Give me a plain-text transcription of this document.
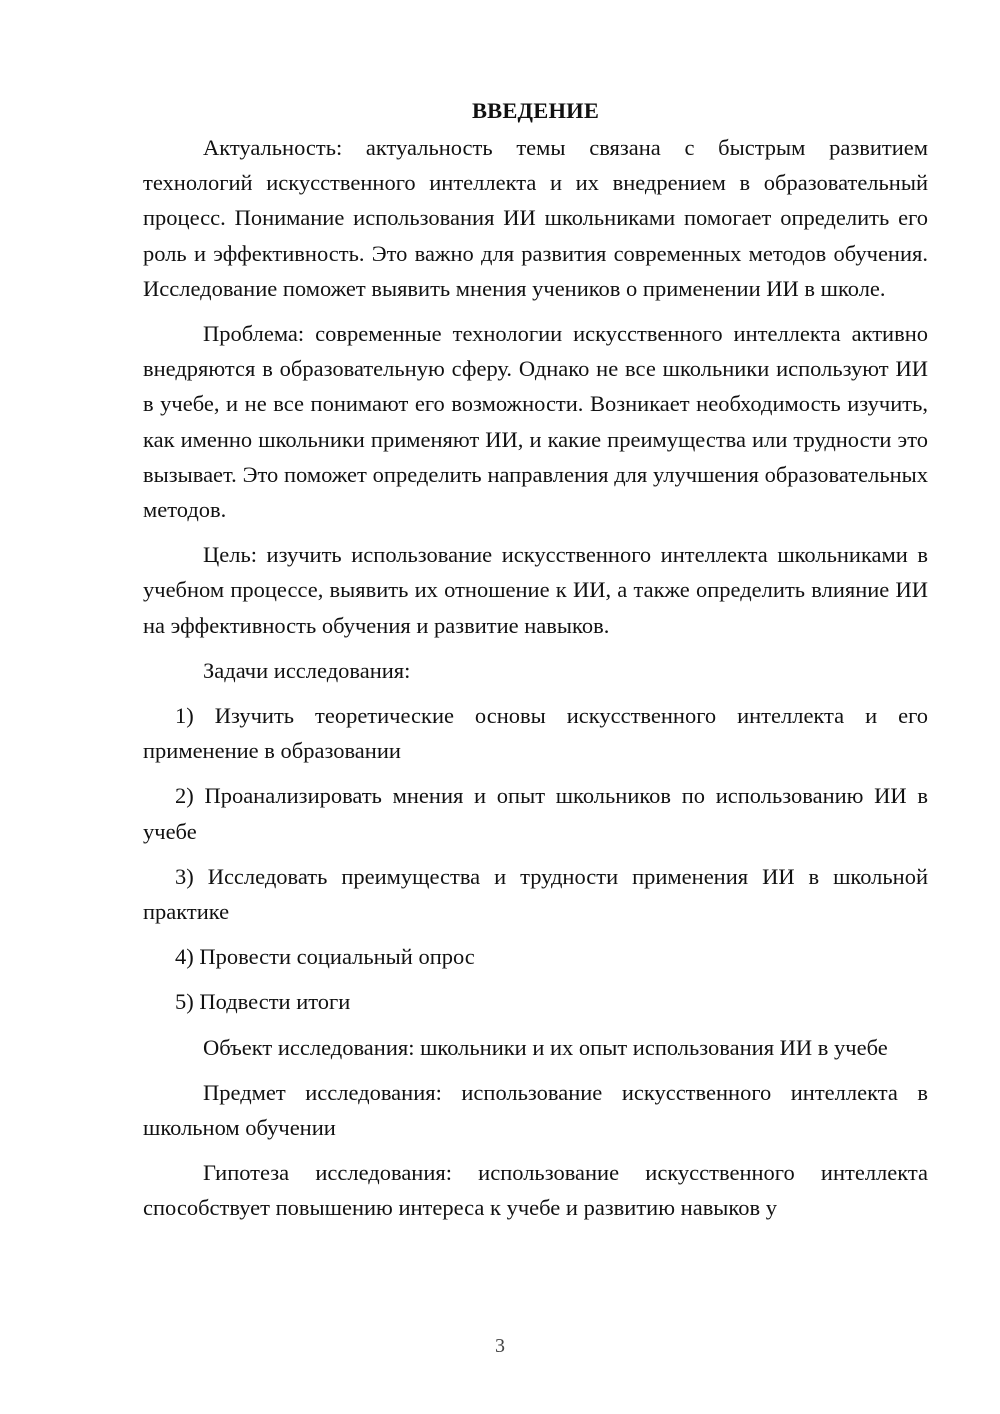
ВВЕДЕНИЕ

Актуальность: актуальность темы связана с быстрым развитием технологий искусственного интеллекта и их внедрением в образовательный процесс. Понимание использования ИИ школьниками помогает определить его роль и эффективность. Это важно для развития современных методов обучения. Исследование поможет выявить мнения учеников о применении ИИ в школе.

Проблема: современные технологии искусственного интеллекта активно внедряются в образовательную сферу. Однако не все школьники используют ИИ в учебе, и не все понимают его возможности. Возникает необходимость изучить, как именно школьники применяют ИИ, и какие преимущества или трудности это вызывает. Это поможет определить направления для улучшения образовательных методов.

Цель: изучить использование искусственного интеллекта школьниками в учебном процессе, выявить их отношение к ИИ, а также определить влияние ИИ на эффективность обучения и развитие навыков.

Задачи исследования:

1) Изучить теоретические основы искусственного интеллекта и его применение в образовании

2) Проанализировать мнения и опыт школьников по использованию ИИ в учебе

3) Исследовать преимущества и трудности применения ИИ в школьной практике

4) Провести социальный опрос

5) Подвести итоги

Объект исследования: школьники и их опыт использования ИИ в учебе

Предмет исследования: использование искусственного интеллекта в школьном обучении

Гипотеза исследования: использование искусственного интеллекта способствует повышению интереса к учебе и развитию навыков у

3
